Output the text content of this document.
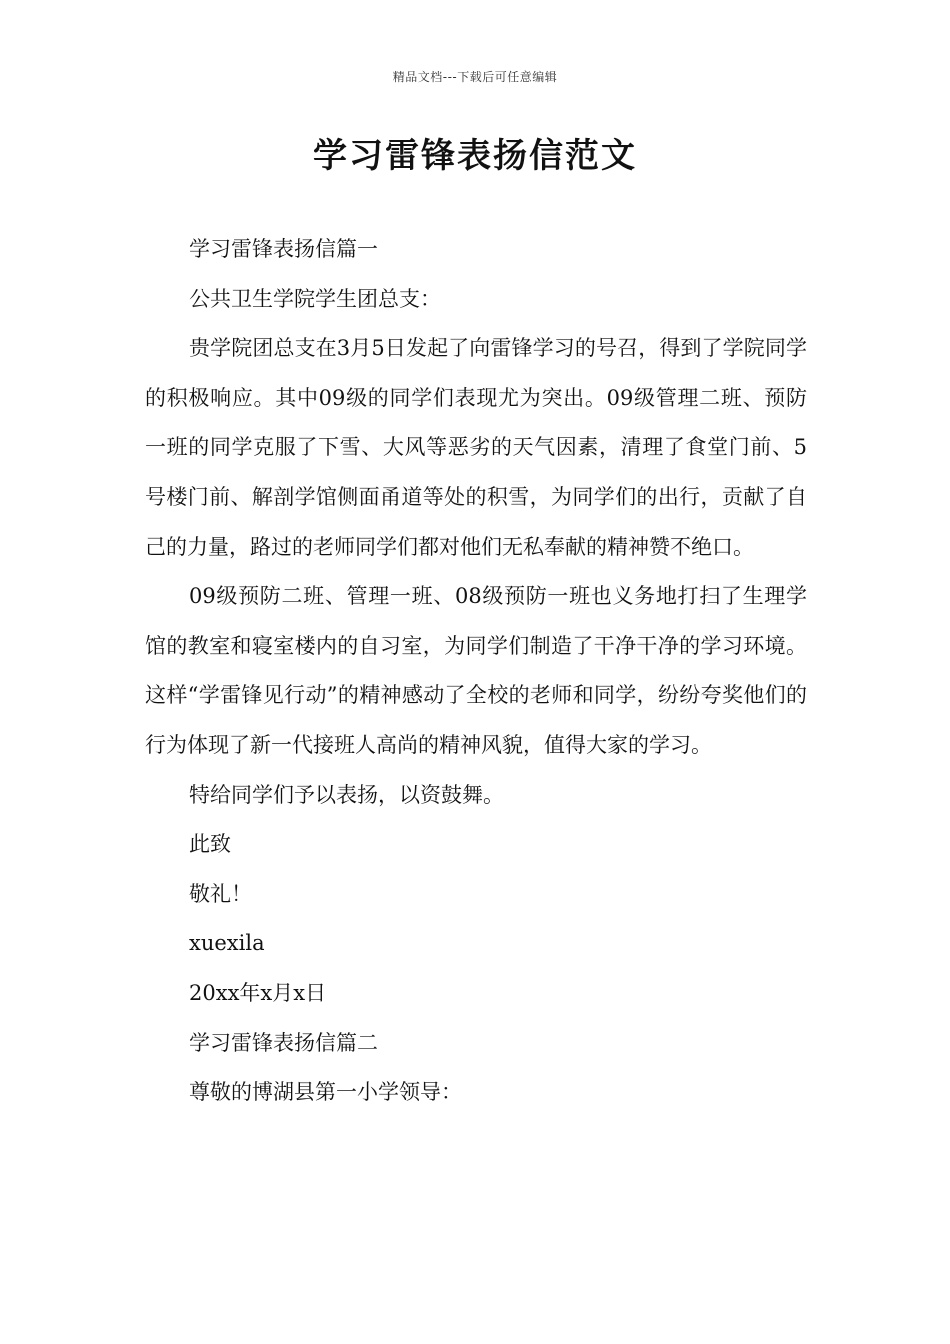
精品文档---下载后可任意编辑
学习雷锋表扬信范文

学习雷锋表扬信篇一

公共卫生学院学生团总支：

贵学院团总支在3月5日发起了向雷锋学习的号召，得到了学院同学的积极响应。其中09级的同学们表现尤为突出。09级管理二班、预防一班的同学克服了下雪、大风等恶劣的天气因素，清理了食堂门前、5号楼门前、解剖学馆侧面甬道等处的积雪，为同学们的出行，贡献了自己的力量，路过的老师同学们都对他们无私奉献的精神赞不绝口。

09级预防二班、管理一班、08级预防一班也义务地打扫了生理学馆的教室和寝室楼内的自习室，为同学们制造了干净干净的学习环境。这样“学雷锋见行动”的精神感动了全校的老师和同学，纷纷夸奖他们的行为体现了新一代接班人高尚的精神风貌，值得大家的学习。

特给同学们予以表扬，以资鼓舞。

此致

敬礼！

xuexila

20xx年x月x日

学习雷锋表扬信篇二

尊敬的博湖县第一小学领导：
